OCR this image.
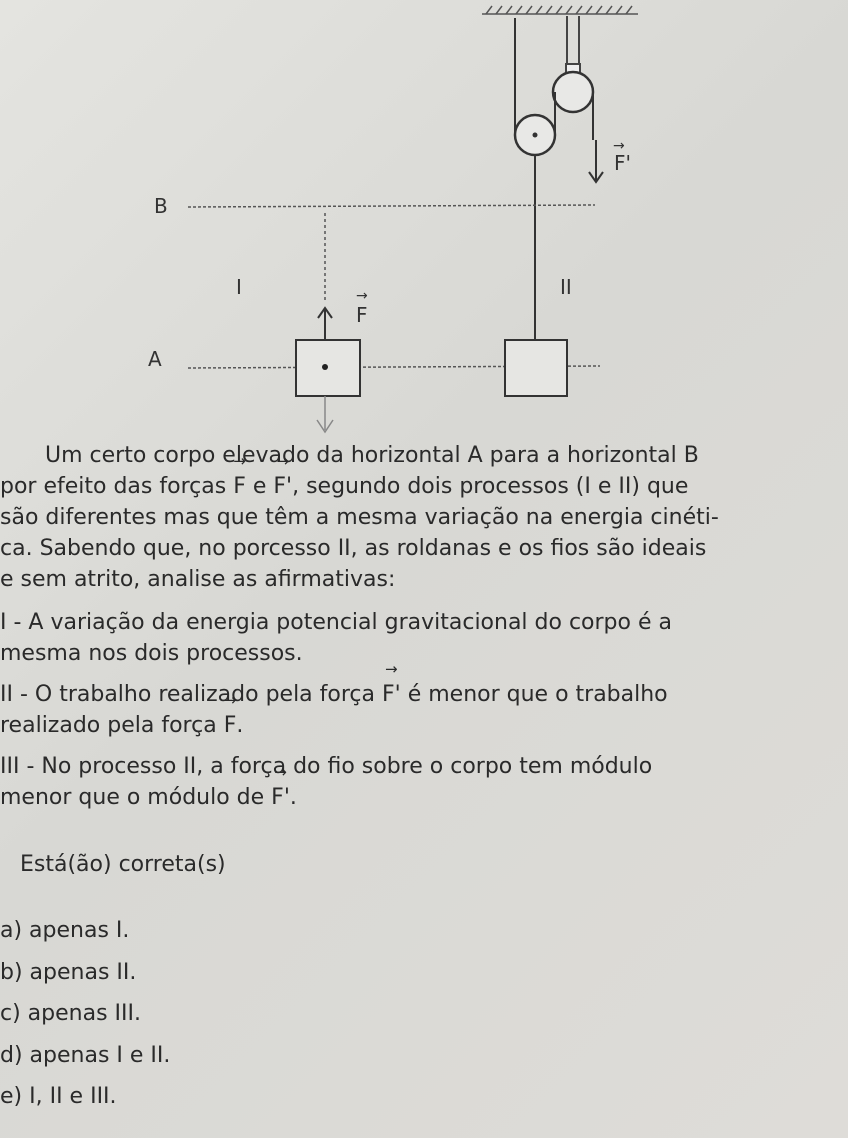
F'
→
B
I
F
→	II
A
Um certo corpo elevado da horizontal A para a horizontal B
por efeito das forças → F e → F', segundo dois processos (I e II) que
são diferentes mas que têm a mesma variação na energia cinéti-
ca. Sabendo que, no porcesso II, as roldanas e os fios são ideais
e sem atrito, analise as afirmativas:
I - A variação da energia potencial gravitacional do corpo é a
mesma nos dois processos.
II - O trabalho realizado pela força → F' é menor que o trabalho
realizado pela força → F.
III - No processo II, a força do fio sobre o corpo tem módulo
menor que o módulo de → F'.
Está(ão) correta(s)
a) apenas I.
b) apenas II.
c) apenas III.
d) apenas I e II.
e) I, II e III.
